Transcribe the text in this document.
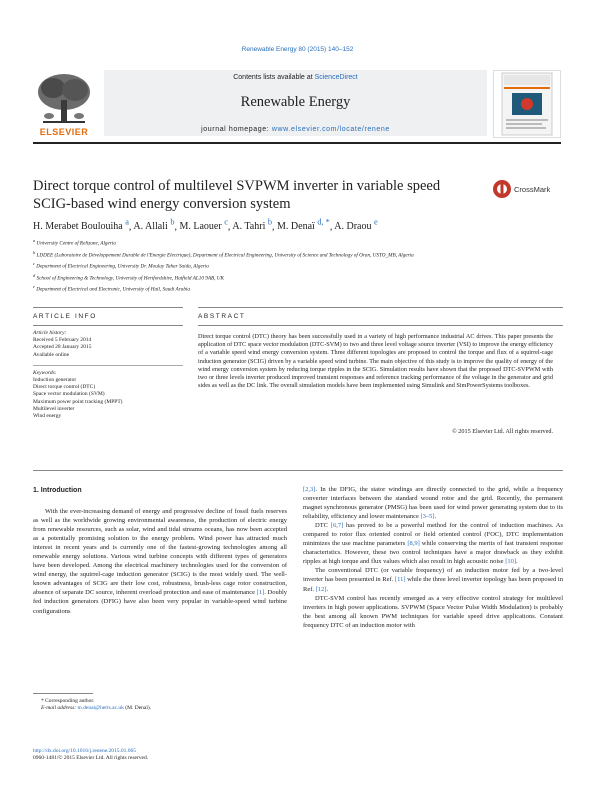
Renewable Energy 80 (2015) 140–152
ELSEVIER
Contents lists available at ScienceDirect
Renewable Energy
journal homepage: www.elsevier.com/locate/renene
Direct torque control of multilevel SVPWM inverter in variable speed SCIG-based wind energy conversion system
CrossMark
H. Merabet Boulouiha $^a$, A. Allali $^b$, M. Laouer $^c$, A. Tahri $^b$, M. Denaï $^{d, *}$, A. Draou $^e$
$^a$ University Centre of Relizane, Algeria
$^b$ LDDEE (Laboratoire de Développement Durable de l'Energie Electrique), Department of Electrical Engineering, University of Science and Technology of Oran, USTO_MB, Algeria
$^c$ Department of Electrical Engineering, University Dr. Moulay Tahar Saida, Algeria
$^d$ School of Engineering & Technology, University of Hertfordshire, Hatfield AL10 9AB, UK
$^e$ Department of Electrical and Electronic, University of Hail, Saudi Arabia
ARTICLE INFO	ABSTRACT
Article history:
Received 5 February 2014
Accepted 28 January 2015
Available online
Keywords:
Induction generator
Direct torque control (DTC)
Space vector modulation (SVM)
Maximum power point tracking (MPPT)
Multilevel inverter
Wind energy
Direct torque control (DTC) theory has been successfully used in a variety of high performance industrial AC drives. This paper presents the application of DTC space vector modulation (DTC-SVM) to two and three level voltage source inverter (VSI) to improve the energy efficiency of a variable speed wind energy conversion system. Three different topologies are proposed to control the torque and flux of a squirrel-cage induction generator (SCIG) driven by a variable speed wind turbine. The main objective of this study is to improve the quality of energy of the wind energy conversion system by reducing torque ripples in the SCIG. Simulation results have shown that the proposed DTC-SVPWM with two or three levels inverter produced improved transient responses and reference tracking performance of the voltage in the generator and grid sides as well as the DC link. The overall simulation models have been implemented using Simulink and SimPowerSystems toolboxes.
© 2015 Elsevier Ltd. All rights reserved.
1. Introduction

With the ever-increasing demand of energy and progressive decline of fossil fuels reserves as well as the worldwide growing environmental awareness, the production of electric energy from renewable resources, such as solar, wind and tidal streams oceans, has now been accepted as a potentially promising solution to the energy problem. Wind power has attracted much interest in recent years and is currently one of the fastest-growing technologies among all renewable energy solutions. Various wind turbine concepts with different types of generators have been developed. Among the electrical machinery technologies used for the conversion of wind energy, the squirrel-cage induction generator (SCIG) is the most widely used. The well-known advantages of SCIG are their low cost, robustness, brush-less cage rotor construction, absence of separate DC source, inherent overload protection and ease of maintenance [1]. Doubly fed induction generators (DFIG) have also been very popular in variable-speed wind turbine configurations

[2,3]. In the DFIG, the stator windings are directly connected to the grid, while a frequency converter interfaces between the standard wound rotor and the grid. Recently, the permanent magnet synchronous generator (PMSG) has been used for wind power generating system due to its reliability, efficiency and lower maintenance [3–5].

DTC [6,7] has proved to be a powerful method for the control of induction machines. As compared to rotor flux oriented control or field oriented control (FOC), DTC implementation minimizes the use machine parameters [8,9] while conserving the merits of fast transient response characteristics. However, these two control techniques have a major drawback as they exhibit ripples at high torque and flux values which also result in high acoustic noise [10].

The conventional DTC (or variable frequency) of an induction motor fed by a two-level inverter has been presented in Ref. [11] while the three level inverter topology has been proposed in Ref. [12].

DTC-SVM control has recently emerged as a very effective control strategy for multilevel inverters in high power applications. SVPWM (Space Vector Pulse Width Modulation) is probably the best among all known PWM techniques for variable speed drive applications. Constant frequency DTC of an induction motor with

* Corresponding author.
E-mail address: m.denai@herts.ac.uk (M. Denaï).
http://dx.doi.org/10.1016/j.renene.2015.01.065
0960-1481/© 2015 Elsevier Ltd. All rights reserved.
